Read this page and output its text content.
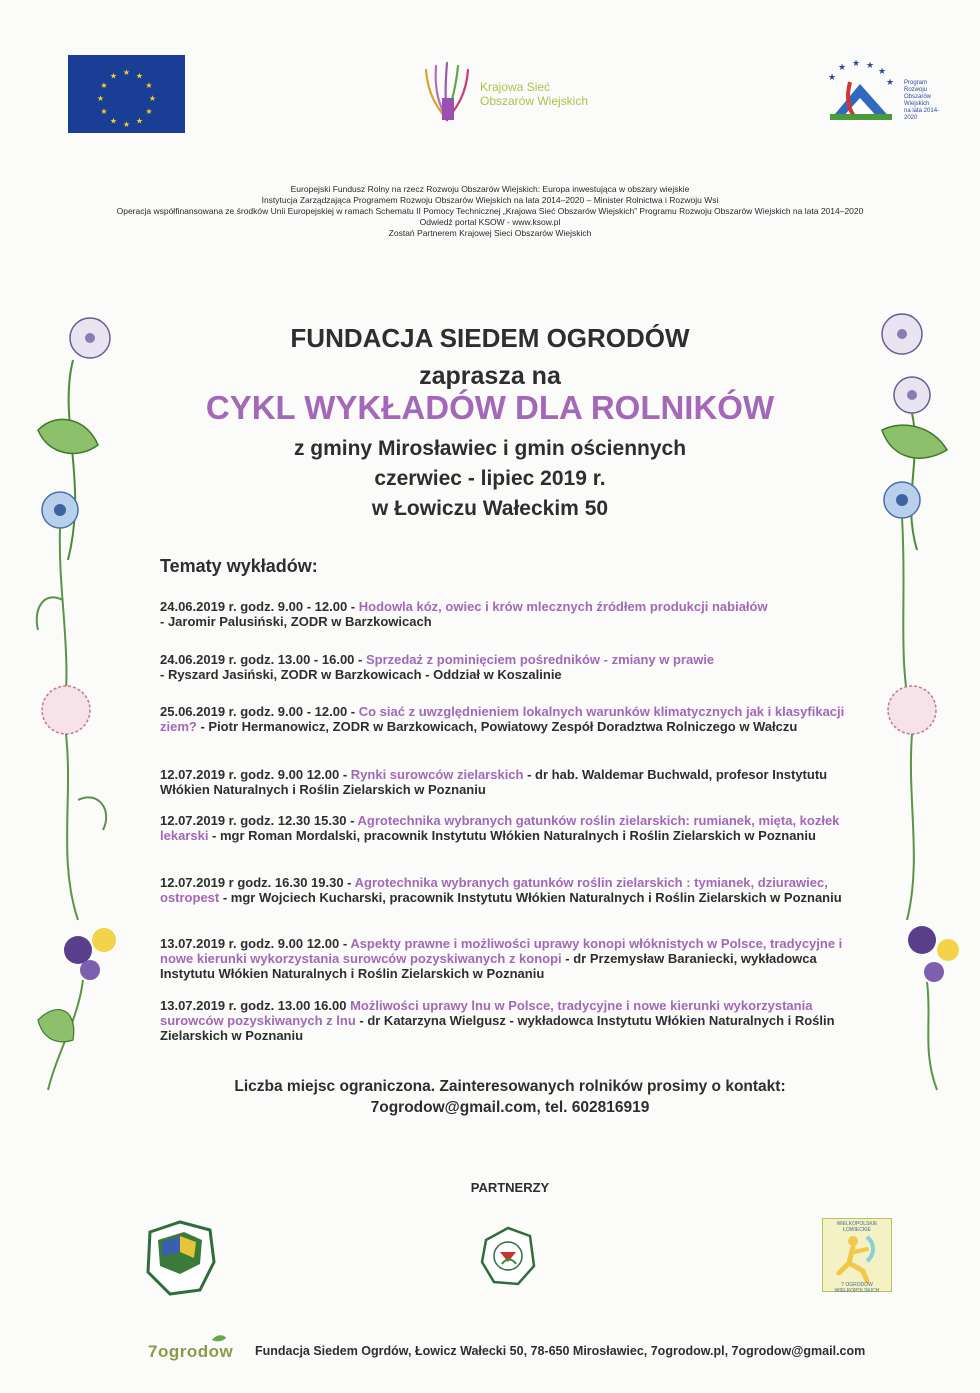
★ ★
★
★
★
★
★
★
★
★
★
★
Krajowa Sieć
Obszarów Wiejskich
★
★ ★ ★
★
★ Program
Rozwoju
Obszarów
Wiejskich
na lata 2014-2020
Europejski Fundusz Rolny na rzecz Rozwoju Obszarów Wiejskich: Europa inwestująca w obszary wiejskie
Instytucja Zarządzająca Programem Rozwoju Obszarów Wiejskich na lata 2014–2020 – Minister Rolnictwa i Rozwoju Wsi
Operacja współfinansowana ze środków Unii Europejskiej w ramach Schematu II Pomocy Technicznej „Krajowa Sieć Obszarów Wiejskich” Programu Rozwoju Obszarów Wiejskich na lata 2014–2020
Odwiedź portal KSOW - www.ksow.pl
Zostań Partnerem Krajowej Sieci Obszarów Wiejskich
FUNDACJA SIEDEM OGRODÓW
zaprasza na
CYKL WYKŁADÓW DLA ROLNIKÓW
z gminy Mirosławiec i gmin ościennych
czerwiec - lipiec 2019 r.
w Łowiczu Wałeckim 50
Tematy wykładów:
24.06.2019 r. godz. 9.00 - 12.00 - Hodowla kóz, owiec i krów mlecznych źródłem produkcji nabiałów
- Jaromir Palusiński, ZODR w Barzkowicach
24.06.2019 r. godz. 13.00 - 16.00 - Sprzedaż z pominięciem pośredników - zmiany w prawie
- Ryszard Jasiński, ZODR w Barzkowicach - Oddział w Koszalinie
25.06.2019 r. godz. 9.00 - 12.00 - Co siać z uwzględnieniem lokalnych warunków klimatycznych jak i klasyfikacji ziem? - Piotr Hermanowicz, ZODR w Barzkowicach, Powiatowy Zespół Doradztwa Rolniczego w Wałczu
12.07.2019 r. godz. 9.00 12.00 - Rynki surowców zielarskich - dr hab. Waldemar Buchwald, profesor Instytutu Włókien Naturalnych i Roślin Zielarskich w Poznaniu
12.07.2019 r. godz. 12.30 15.30 - Agrotechnika wybranych gatunków roślin zielarskich: rumianek, mięta, kozłek lekarski - mgr Roman Mordalski, pracownik Instytutu Włókien Naturalnych i Roślin Zielarskich w Poznaniu
12.07.2019 r godz. 16.30 19.30 - Agrotechnika wybranych gatunków roślin zielarskich : tymianek, dziurawiec, ostropest - mgr Wojciech Kucharski, pracownik Instytutu Włókien Naturalnych i Roślin Zielarskich w Poznaniu
13.07.2019 r. godz. 9.00 12.00 - Aspekty prawne i możliwości uprawy konopi włóknistych w Polsce, tradycyjne i nowe kierunki wykorzystania surowców pozyskiwanych z konopi - dr Przemysław Baraniecki, wykładowca Instytutu Włókien Naturalnych i Roślin Zielarskich w Poznaniu
13.07.2019 r. godz. 13.00 16.00 Możliwości uprawy lnu w Polsce, tradycyjne i nowe kierunki wykorzystania surowców pozyskiwanych z lnu - dr Katarzyna Wielgusz - wykładowca Instytutu Włókien Naturalnych i Roślin Zielarskich w Poznaniu
Liczba miejsc ograniczona. Zainteresowanych rolników prosimy o kontakt:
7ogrodow@gmail.com, tel. 602816919
PARTNERZY
WIELKOPOLSKIE ŁOWIECKIE
7 OGRODÓW WIELKOPOLSKICH
7ogrodow Fundacja Siedem Ogrdów, Łowicz Wałecki 50, 78-650 Mirosławiec, 7ogrodow.pl, 7ogrodow@gmail.com
